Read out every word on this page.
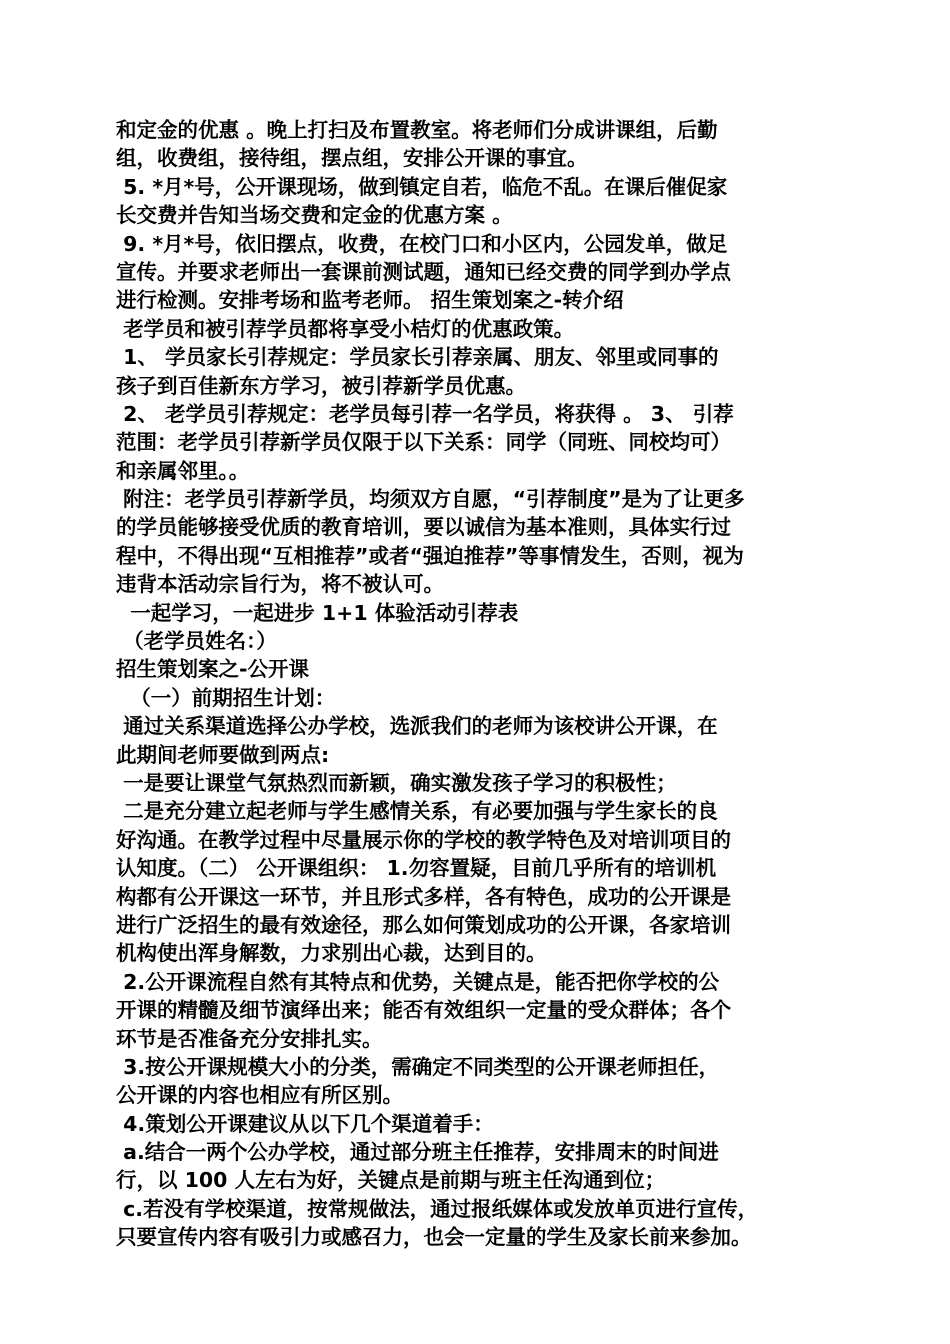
和定金的优惠 。晚上打扫及布置教室。将老师们分成讲课组，后勤
组，收费组，接待组，摆点组，安排公开课的事宜。
5. *月*号，公开课现场，做到镇定自若，临危不乱。在课后催促家
长交费并告知当场交费和定金的优惠方案 。
9. *月*号，依旧摆点，收费，在校门口和小区内，公园发单，做足
宣传。并要求老师出一套课前测试题，通知已经交费的同学到办学点
进行检测。安排考场和监考老师。 招生策划案之-转介绍
老学员和被引荐学员都将享受小桔灯的优惠政策。
1、 学员家长引荐规定：学员家长引荐亲属、朋友、邻里或同事的
孩子到百佳新东方学习，被引荐新学员优惠。
2、 老学员引荐规定：老学员每引荐一名学员，将获得 。 3、 引荐
范围：老学员引荐新学员仅限于以下关系：同学（同班、同校均可）
和亲属邻里。。
附注：老学员引荐新学员，均须双方自愿，“引荐制度”是为了让更多
的学员能够接受优质的教育培训，要以诚信为基本准则，具体实行过
程中，不得出现“互相推荐”或者“强迫推荐”等事情发生，否则，视为
违背本活动宗旨行为，将不被认可。
一起学习，一起进步 1+1 体验活动引荐表
（老学员姓名：）
招生策划案之-公开课
（一）前期招生计划：
通过关系渠道选择公办学校，选派我们的老师为该校讲公开课，在
此期间老师要做到两点:
一是要让课堂气氛热烈而新颖，确实激发孩子学习的积极性；
二是充分建立起老师与学生感情关系，有必要加强与学生家长的良
好沟通。在教学过程中尽量展示你的学校的教学特色及对培训项目的
认知度。（二） 公开课组织： 1.勿容置疑，目前几乎所有的培训机
构都有公开课这一环节，并且形式多样，各有特色，成功的公开课是
进行广泛招生的最有效途径，那么如何策划成功的公开课，各家培训
机构使出浑身解数，力求别出心裁，达到目的。
2.公开课流程自然有其特点和优势，关键点是，能否把你学校的公
开课的精髓及细节演绎出来；能否有效组织一定量的受众群体；各个
环节是否准备充分安排扎实。
3.按公开课规模大小的分类，需确定不同类型的公开课老师担任，
公开课的内容也相应有所区别。
4.策划公开课建议从以下几个渠道着手：
a.结合一两个公办学校，通过部分班主任推荐，安排周末的时间进
行，以 100 人左右为好，关键点是前期与班主任沟通到位；
c.若没有学校渠道，按常规做法，通过报纸媒体或发放单页进行宣传，
只要宣传内容有吸引力或感召力，也会一定量的学生及家长前来参加。
